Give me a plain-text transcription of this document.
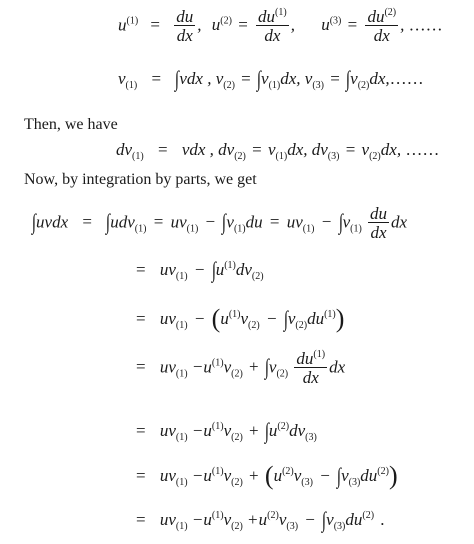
$u^{(1)} = \frac{du}{dx}$ , $u^{(2)} = \frac{du^{(1)}}{dx}$ , $u^{(3)} = \frac{du^{(2)}}{dx}$ , ……
$v_{(1)} = \int vdx$ , $v_{(2)} = \int v_{(1)}dx$, $v_{(3)}$ = $\int v_{(2)}dx,\dots\dots$
Then, we have
$dv_{(1)}$ = vdx , $dv_{(2)} = v_{(1)}dx$, $dv_{(3)} = v_{(2)}dx$, ……
Now, by integration by parts, we get
∫uvdx = $\int udv_{(1)} = uv_{(1)} - \int v_{(1)}du = uv_{(1)} - \int v_{(1)} \frac{du}{dx}$ dx
= $uv_{(1)} - \int u^{(1)}dv_{(2)}$
= $uv_{(1)} - (u^{(1)}v_{(2)} - \int v_{(2)}du^{(1)})$
= $uv_{(1)} -u^{(1)}v_{(2)} + \int v_{(2)} \frac{du^{(1)}}{dx}$ dx
= $uv_{(1)} -u^{(1)}v_{(2)} + \int u^{(2)}dv_{(3)}$
= $uv_{(1)} -u^{(1)}v_{(2)} + (u^{(2)}v_{(3)} - \int v_{(3)}du^{(2)})$
= $uv_{(1)} -u^{(1)}v_{(2)} +u^{(2)}v_{(3)} - \int v_{(3)}du^{(2)}$ .
